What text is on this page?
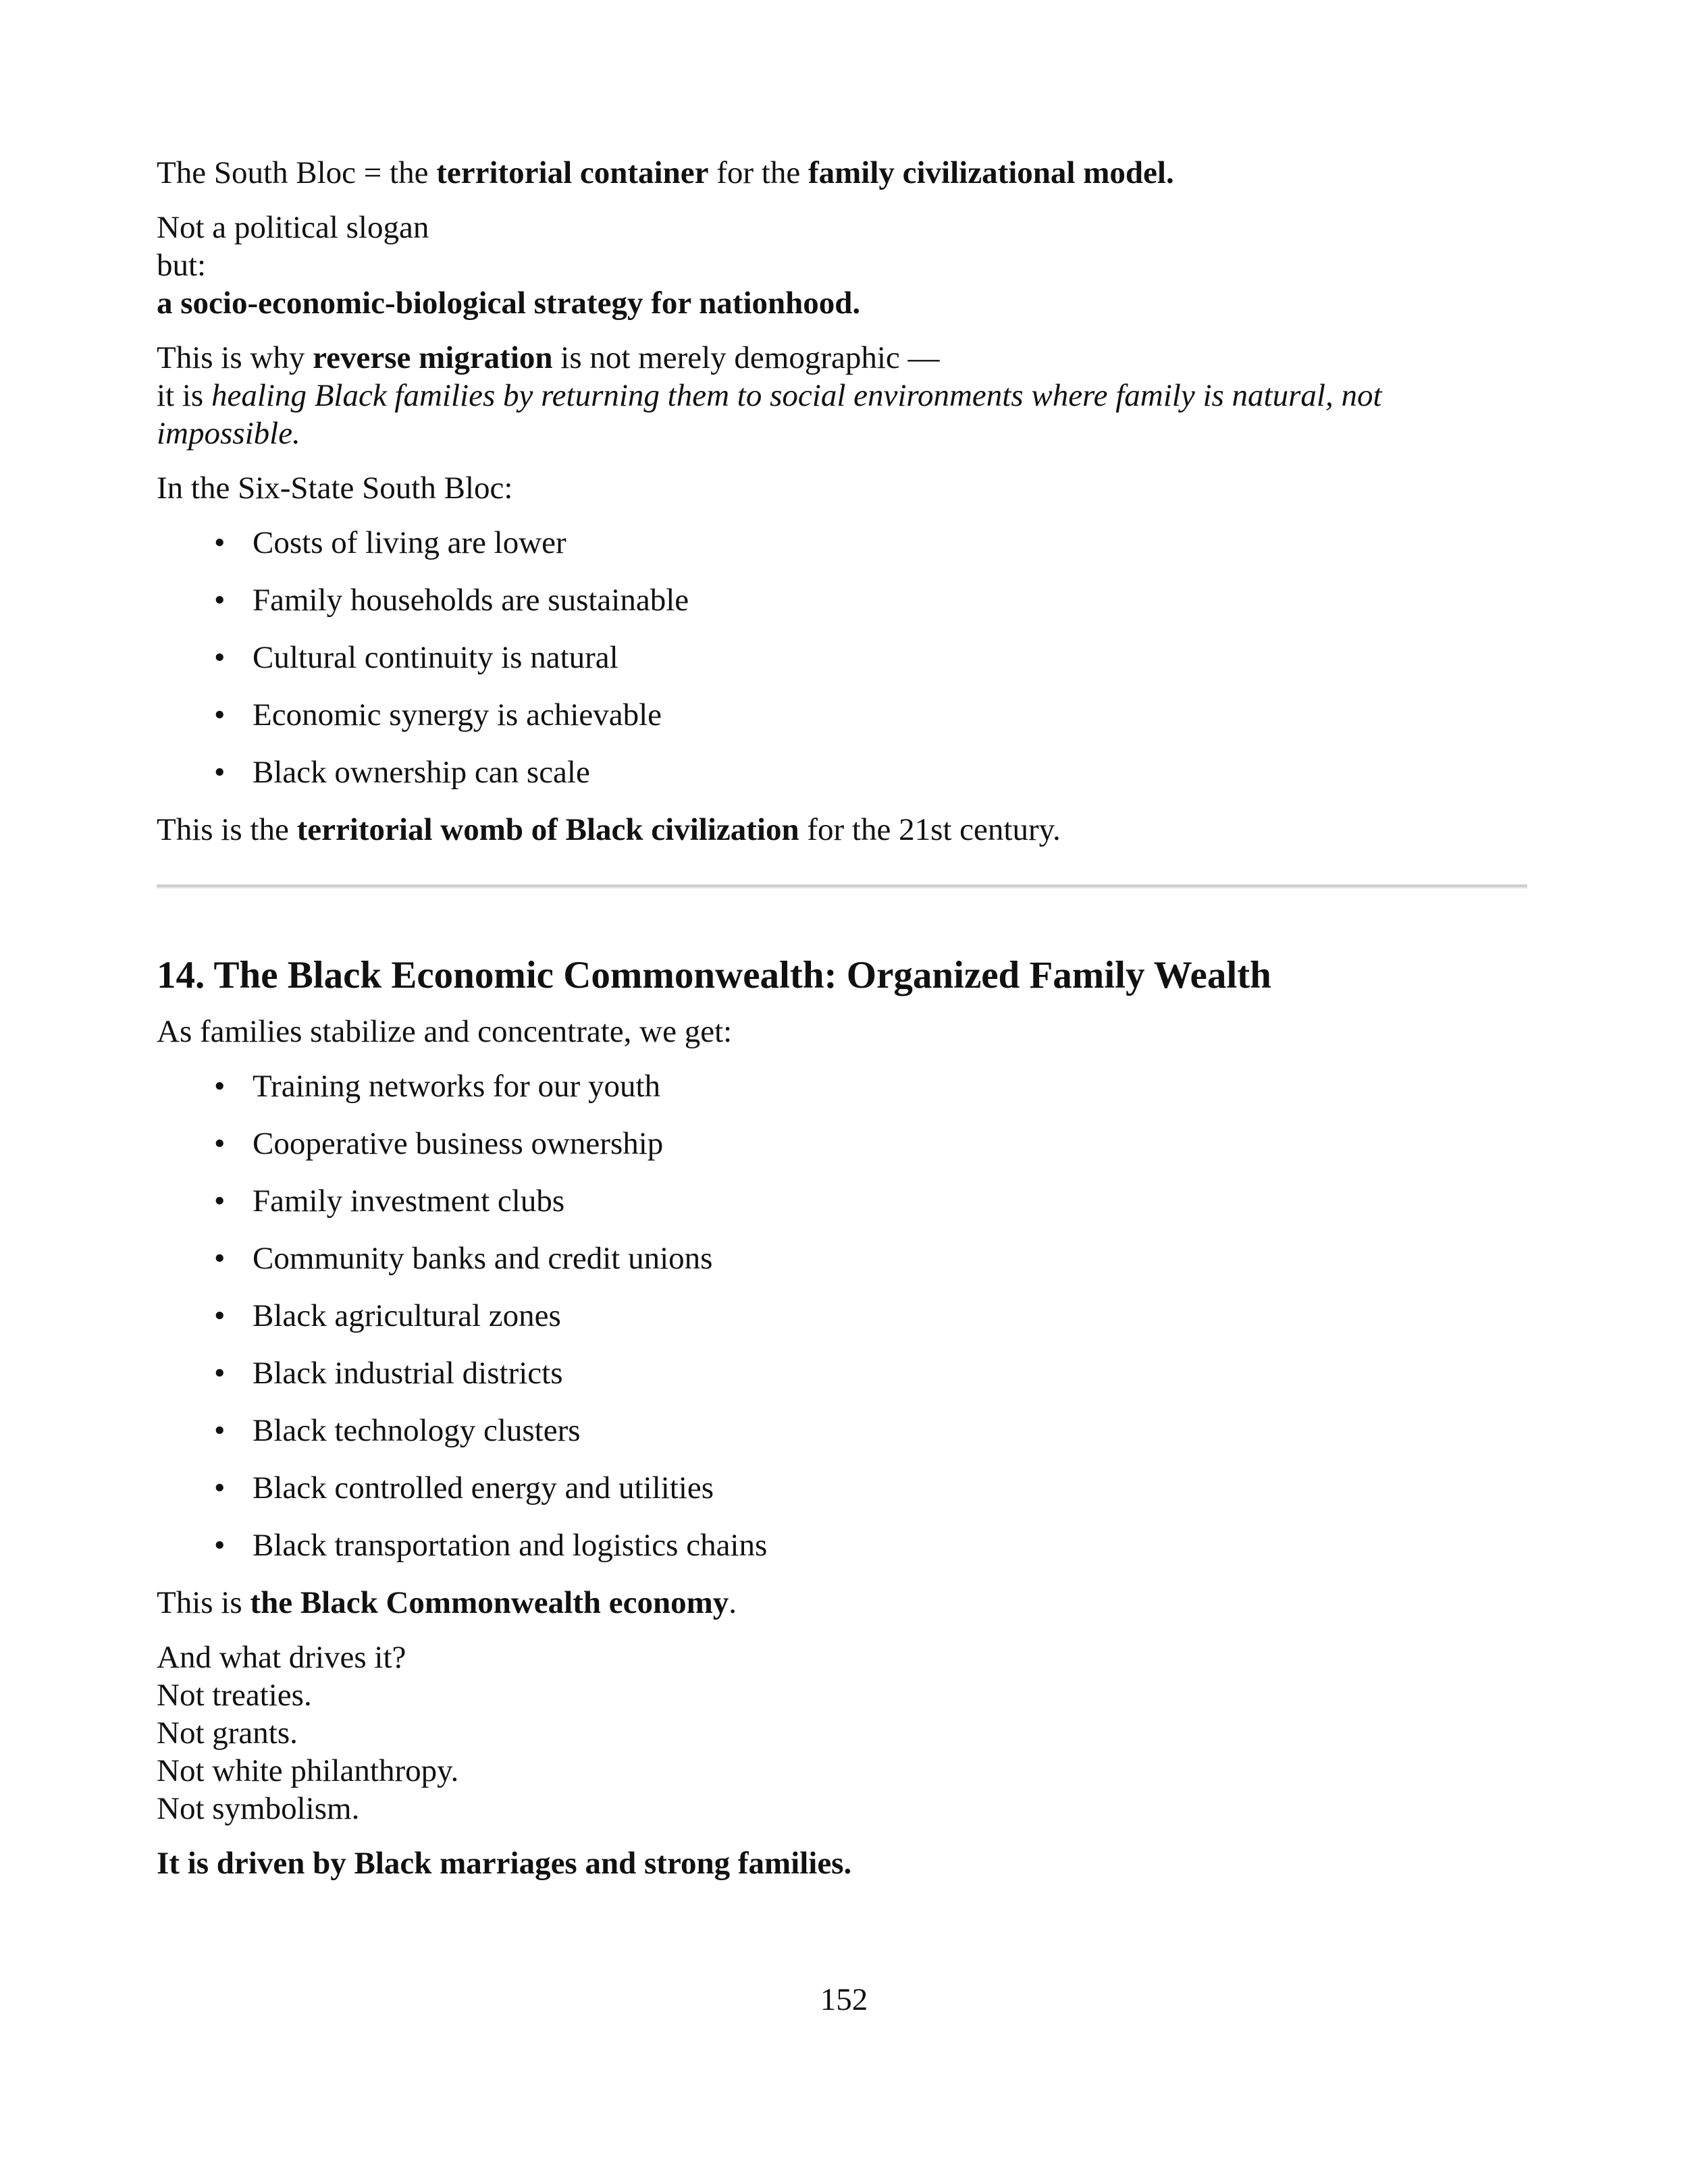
The South Bloc = the territorial container for the family civilizational model.

Not a political slogan
but:
a socio-economic-biological strategy for nationhood.

This is why reverse migration is not merely demographic —
it is healing Black families by returning them to social environments where family is natural, not impossible.

In the Six-State South Bloc:

• Costs of living are lower
• Family households are sustainable
• Cultural continuity is natural
• Economic synergy is achievable
• Black ownership can scale

This is the territorial womb of Black civilization for the 21st century.

14. The Black Economic Commonwealth: Organized Family Wealth

As families stabilize and concentrate, we get:

• Training networks for our youth
• Cooperative business ownership
• Family investment clubs
• Community banks and credit unions
• Black agricultural zones
• Black industrial districts
• Black technology clusters
• Black controlled energy and utilities
• Black transportation and logistics chains

This is the Black Commonwealth economy.

And what drives it?
Not treaties.
Not grants.
Not white philanthropy.
Not symbolism.

It is driven by Black marriages and strong families.

152
